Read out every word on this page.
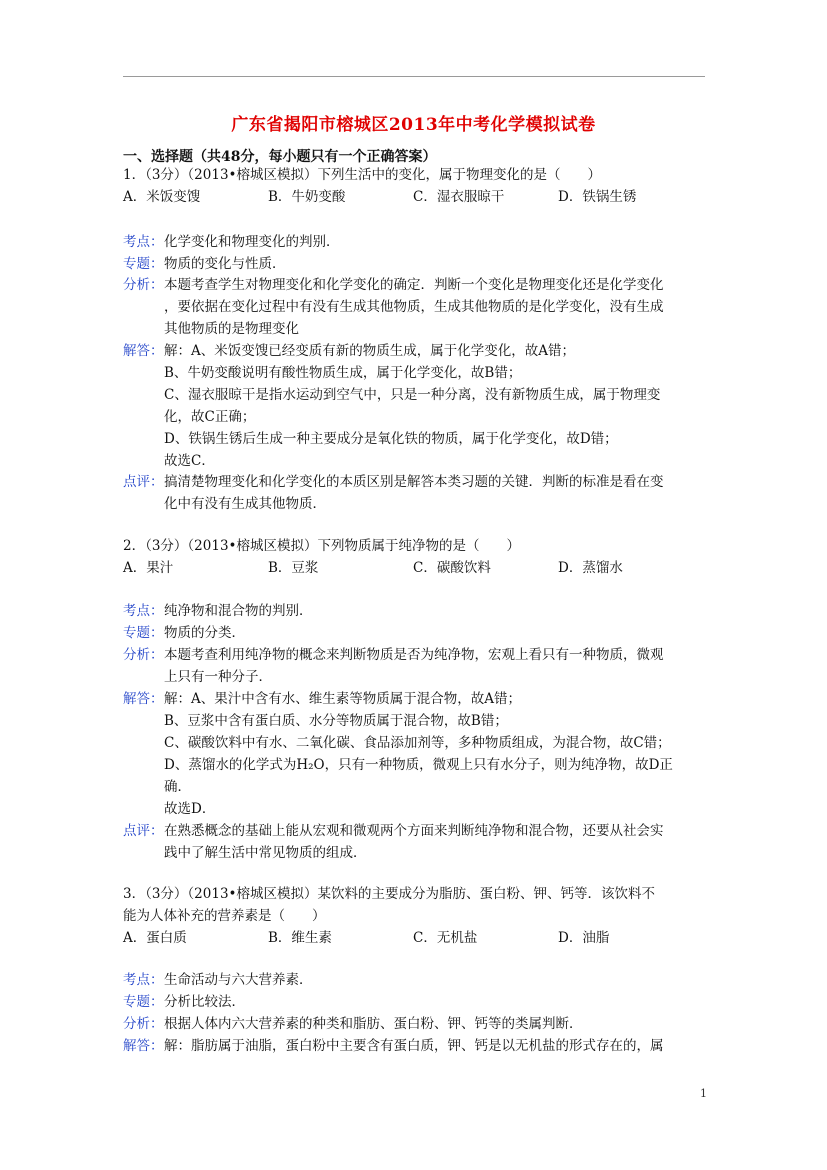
广东省揭阳市榕城区2013年中考化学模拟试卷
一、选择题（共48分，每小题只有一个正确答案）
1．（3分）（2013•榕城区模拟）下列生活中的变化，属于物理变化的是（　　）
A．米饭变馊	B．牛奶变酸	C．湿衣服晾干	D．铁锅生锈
考点： 化学变化和物理变化的判别．
专题： 物质的变化与性质．
分析： 本题考查学生对物理变化和化学变化的确定．判断一个变化是物理变化还是化学变化
，要依据在变化过程中有没有生成其他物质，生成其他物质的是化学变化，没有生成
其他物质的是物理变化
解答： 解：A、米饭变馊已经变质有新的物质生成，属于化学变化，故A错；
B、牛奶变酸说明有酸性物质生成，属于化学变化，故B错；
C、湿衣服晾干是指水运动到空气中，只是一种分离，没有新物质生成，属于物理变
化，故C正确；
D、铁锅生锈后生成一种主要成分是氧化铁的物质，属于化学变化，故D错；
故选C．
点评： 搞清楚物理变化和化学变化的本质区别是解答本类习题的关键．判断的标准是看在变
化中有没有生成其他物质．
2．（3分）（2013•榕城区模拟）下列物质属于纯净物的是（　　）
A．果汁	B．豆浆	C．碳酸饮料	D．蒸馏水
考点： 纯净物和混合物的判别．
专题： 物质的分类．
分析： 本题考查利用纯净物的概念来判断物质是否为纯净物，宏观上看只有一种物质，微观
上只有一种分子．
解答： 解：A、果汁中含有水、维生素等物质属于混合物，故A错；
B、豆浆中含有蛋白质、水分等物质属于混合物，故B错；
C、碳酸饮料中有水、二氧化碳、食品添加剂等，多种物质组成，为混合物，故C错；
D、蒸馏水的化学式为H₂O，只有一种物质，微观上只有水分子，则为纯净物，故D正
确．
故选D．
点评： 在熟悉概念的基础上能从宏观和微观两个方面来判断纯净物和混合物，还要从社会实
践中了解生活中常见物质的组成．
3．（3分）（2013•榕城区模拟）某饮料的主要成分为脂肪、蛋白粉、钾、钙等．该饮料不
能为人体补充的营养素是（　　）
A．蛋白质	B．维生素	C．无机盐	D．油脂
考点： 生命活动与六大营养素．
专题： 分析比较法．
分析： 根据人体内六大营养素的种类和脂肪、蛋白粉、钾、钙等的类属判断．
解答： 解：脂肪属于油脂，蛋白粉中主要含有蛋白质，钾、钙是以无机盐的形式存在的，属
1
